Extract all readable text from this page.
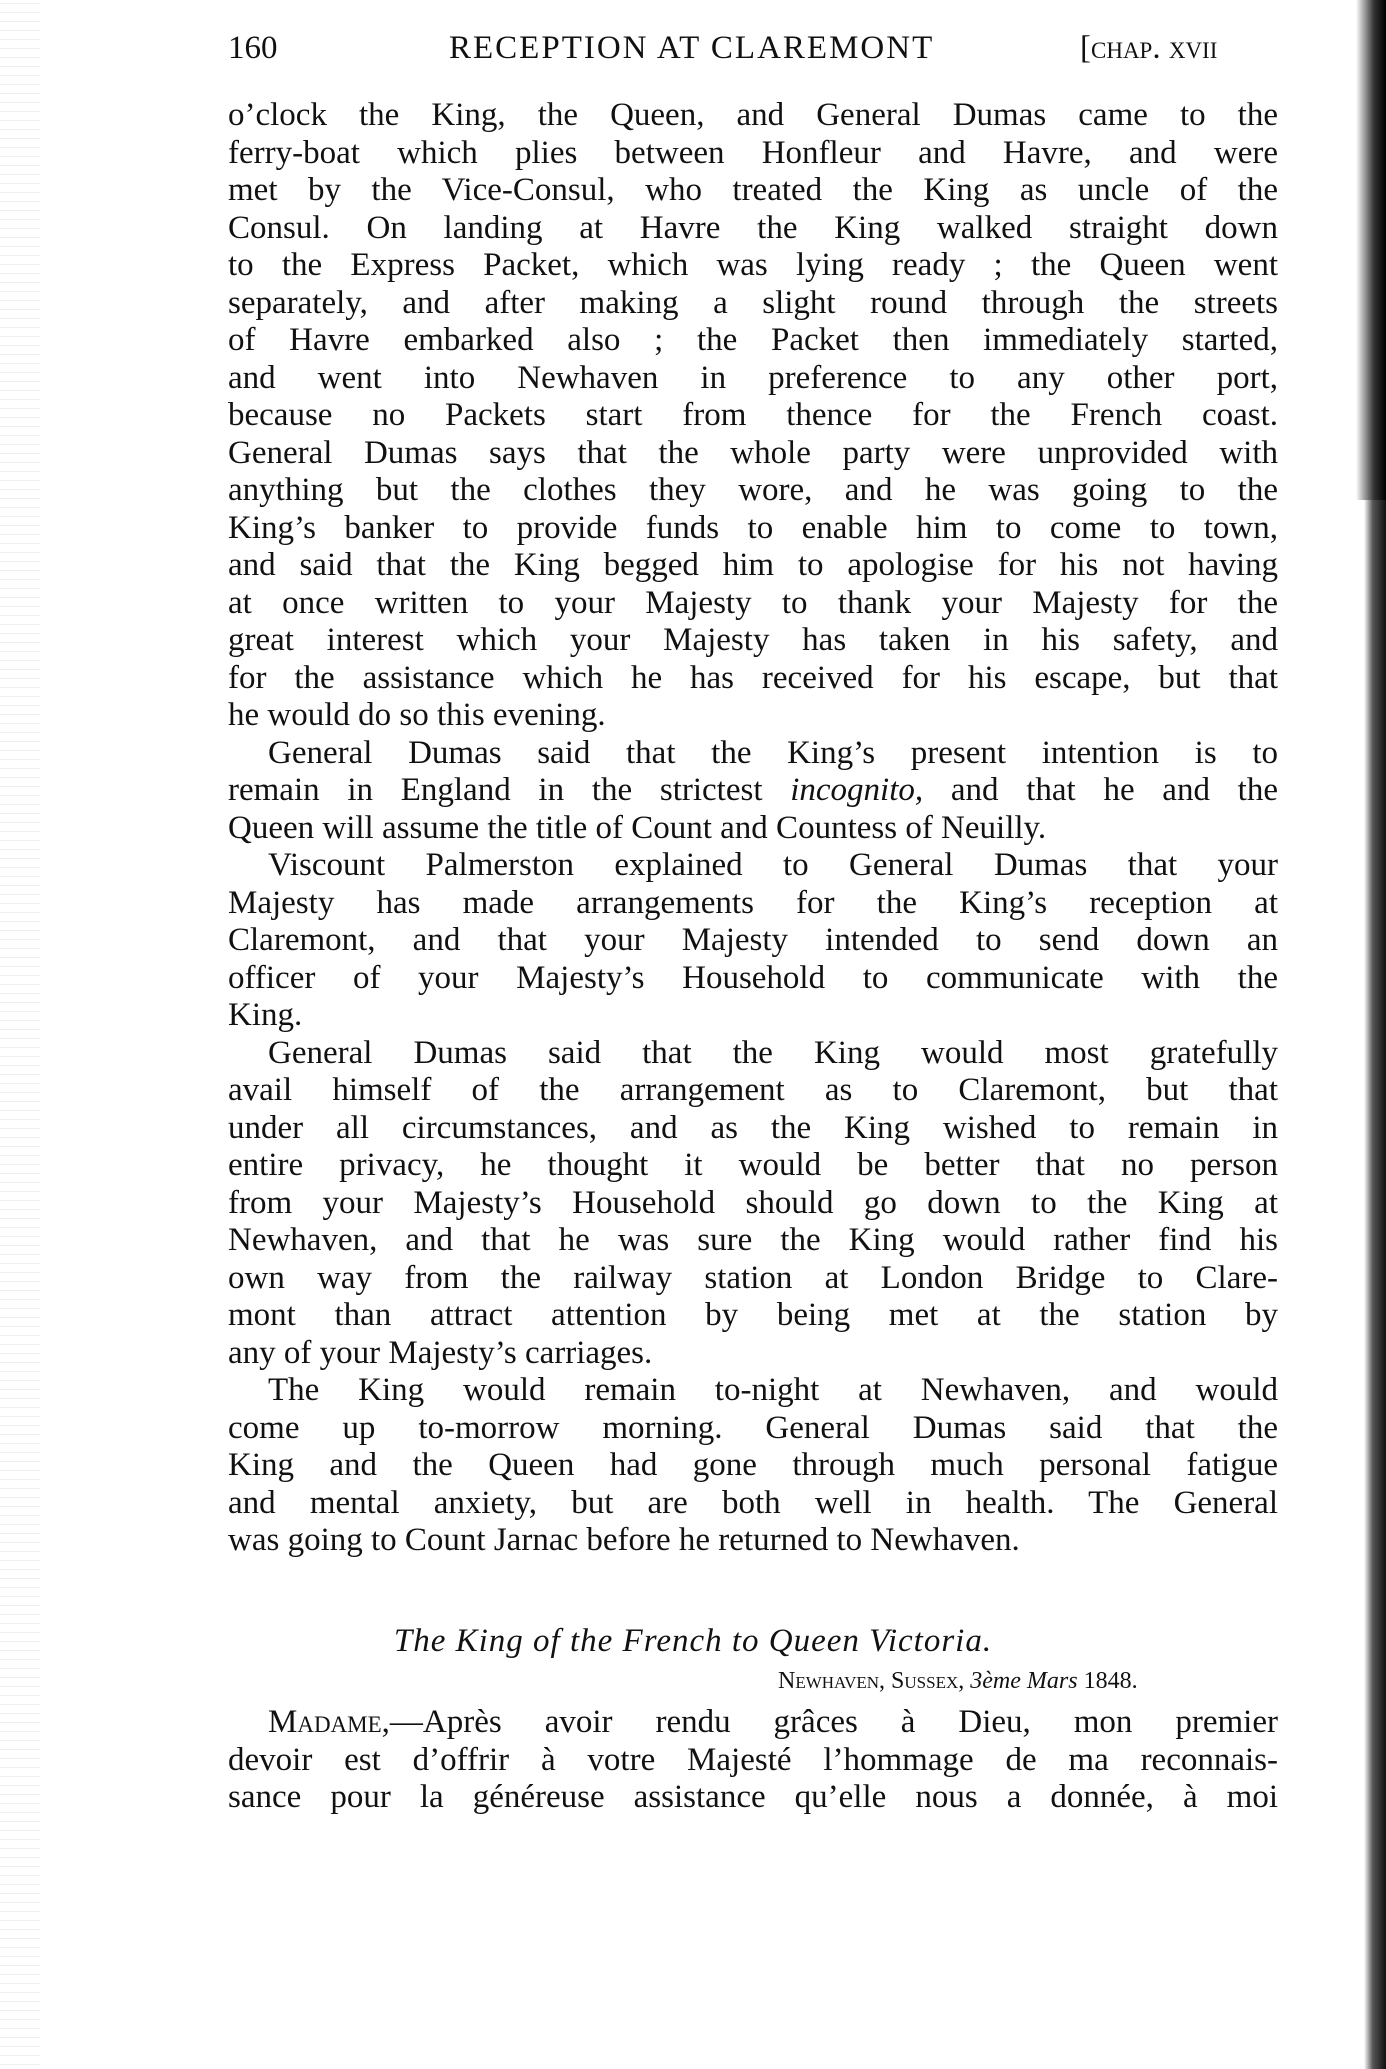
160	RECEPTION AT CLAREMONT	[chap. xvii
o’clock the King, the Queen, and General Dumas came to the
ferry-boat which plies between Honfleur and Havre, and were
met by the Vice-Consul, who treated the King as uncle of the
Consul. On landing at Havre the King walked straight down
to the Express Packet, which was lying ready ; the Queen went
separately, and after making a slight round through the streets
of Havre embarked also ; the Packet then immediately started,
and went into Newhaven in preference to any other port,
because no Packets start from thence for the French coast.
General Dumas says that the whole party were unprovided with
anything but the clothes they wore, and he was going to the
King’s banker to provide funds to enable him to come to town,
and said that the King begged him to apologise for his not having
at once written to your Majesty to thank your Majesty for the
great interest which your Majesty has taken in his safety, and
for the assistance which he has received for his escape, but that
he would do so this evening.
General Dumas said that the King’s present intention is to
remain in England in the strictest incognito, and that he and the
Queen will assume the title of Count and Countess of Neuilly.
Viscount Palmerston explained to General Dumas that your
Majesty has made arrangements for the King’s reception at
Claremont, and that your Majesty intended to send down an
officer of your Majesty’s Household to communicate with the
King.
General Dumas said that the King would most gratefully
avail himself of the arrangement as to Claremont, but that
under all circumstances, and as the King wished to remain in
entire privacy, he thought it would be better that no person
from your Majesty’s Household should go down to the King at
Newhaven, and that he was sure the King would rather find his
own way from the railway station at London Bridge to Clare-
mont than attract attention by being met at the station by
any of your Majesty’s carriages.
The King would remain to-night at Newhaven, and would
come up to-morrow morning. General Dumas said that the
King and the Queen had gone through much personal fatigue
and mental anxiety, but are both well in health. The General
was going to Count Jarnac before he returned to Newhaven.
The King of the French to Queen Victoria.
Newhaven, Sussex, 3ème Mars 1848.
Madame,—Après avoir rendu grâces à Dieu, mon premier
devoir est d’offrir à votre Majesté l’hommage de ma reconnais-
sance pour la généreuse assistance qu’elle nous a donnée, à moi
